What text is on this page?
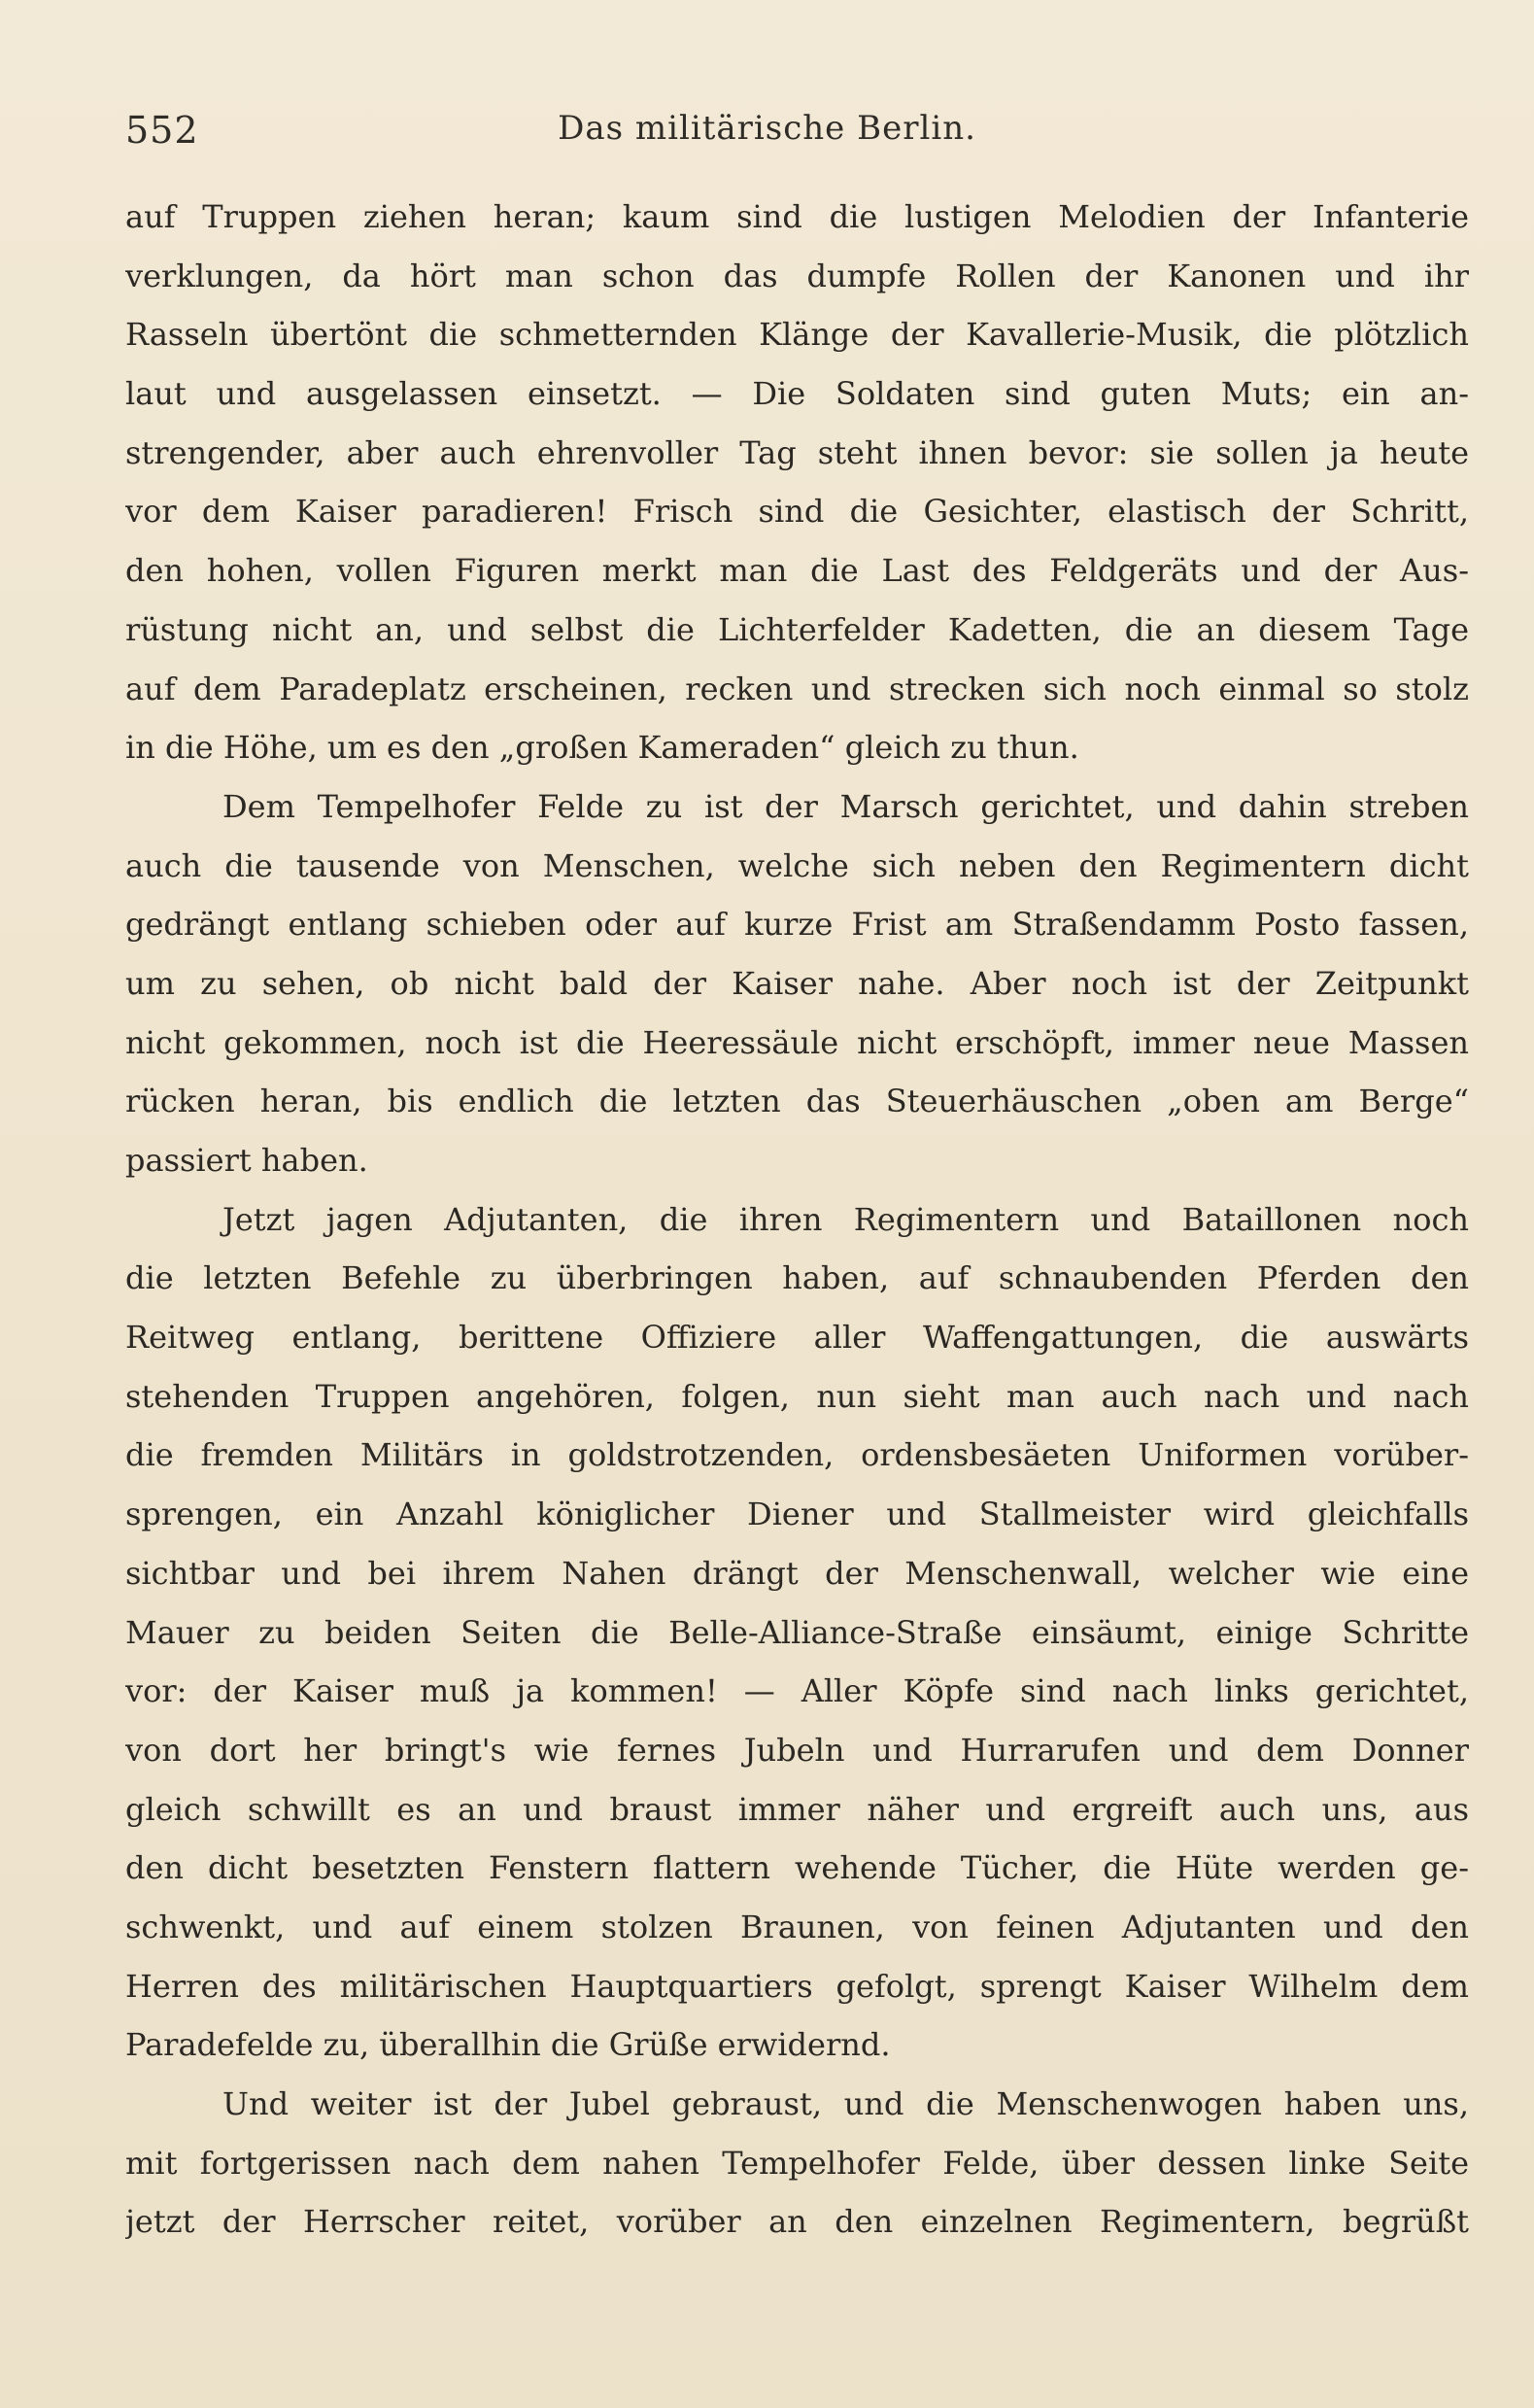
552	Das militärische Berlin.
auf Truppen ziehen heran; kaum sind die lustigen Melodien der Infanterie
verklungen, da hört man schon das dumpfe Rollen der Kanonen und ihr
Rasseln übertönt die schmetternden Klänge der Kavallerie-Musik, die plötzlich
laut und ausgelassen einsetzt. — Die Soldaten sind guten Muts; ein an-
strengender, aber auch ehrenvoller Tag steht ihnen bevor: sie sollen ja heute
vor dem Kaiser paradieren! Frisch sind die Gesichter, elastisch der Schritt,
den hohen, vollen Figuren merkt man die Last des Feldgeräts und der Aus-
rüstung nicht an, und selbst die Lichterfelder Kadetten, die an diesem Tage
auf dem Paradeplatz erscheinen, recken und strecken sich noch einmal so stolz
in die Höhe, um es den „großen Kameraden“ gleich zu thun.
Dem Tempelhofer Felde zu ist der Marsch gerichtet, und dahin streben
auch die tausende von Menschen, welche sich neben den Regimentern dicht
gedrängt entlang schieben oder auf kurze Frist am Straßendamm Posto fassen,
um zu sehen, ob nicht bald der Kaiser nahe. Aber noch ist der Zeitpunkt
nicht gekommen, noch ist die Heeressäule nicht erschöpft, immer neue Massen
rücken heran, bis endlich die letzten das Steuerhäuschen „oben am Berge“
passiert haben.
Jetzt jagen Adjutanten, die ihren Regimentern und Bataillonen noch
die letzten Befehle zu überbringen haben, auf schnaubenden Pferden den
Reitweg entlang, berittene Offiziere aller Waffengattungen, die auswärts
stehenden Truppen angehören, folgen, nun sieht man auch nach und nach
die fremden Militärs in goldstrotzenden, ordensbesäeten Uniformen vorüber-
sprengen, ein Anzahl königlicher Diener und Stallmeister wird gleichfalls
sichtbar und bei ihrem Nahen drängt der Menschenwall, welcher wie eine
Mauer zu beiden Seiten die Belle-Alliance-Straße einsäumt, einige Schritte
vor: der Kaiser muß ja kommen! — Aller Köpfe sind nach links gerichtet,
von dort her bringt's wie fernes Jubeln und Hurrarufen und dem Donner
gleich schwillt es an und braust immer näher und ergreift auch uns, aus
den dicht besetzten Fenstern flattern wehende Tücher, die Hüte werden ge-
schwenkt, und auf einem stolzen Braunen, von feinen Adjutanten und den
Herren des militärischen Hauptquartiers gefolgt, sprengt Kaiser Wilhelm dem
Paradefelde zu, überallhin die Grüße erwidernd.
Und weiter ist der Jubel gebraust, und die Menschenwogen haben uns,
mit fortgerissen nach dem nahen Tempelhofer Felde, über dessen linke Seite
jetzt der Herrscher reitet, vorüber an den einzelnen Regimentern, begrüßt
